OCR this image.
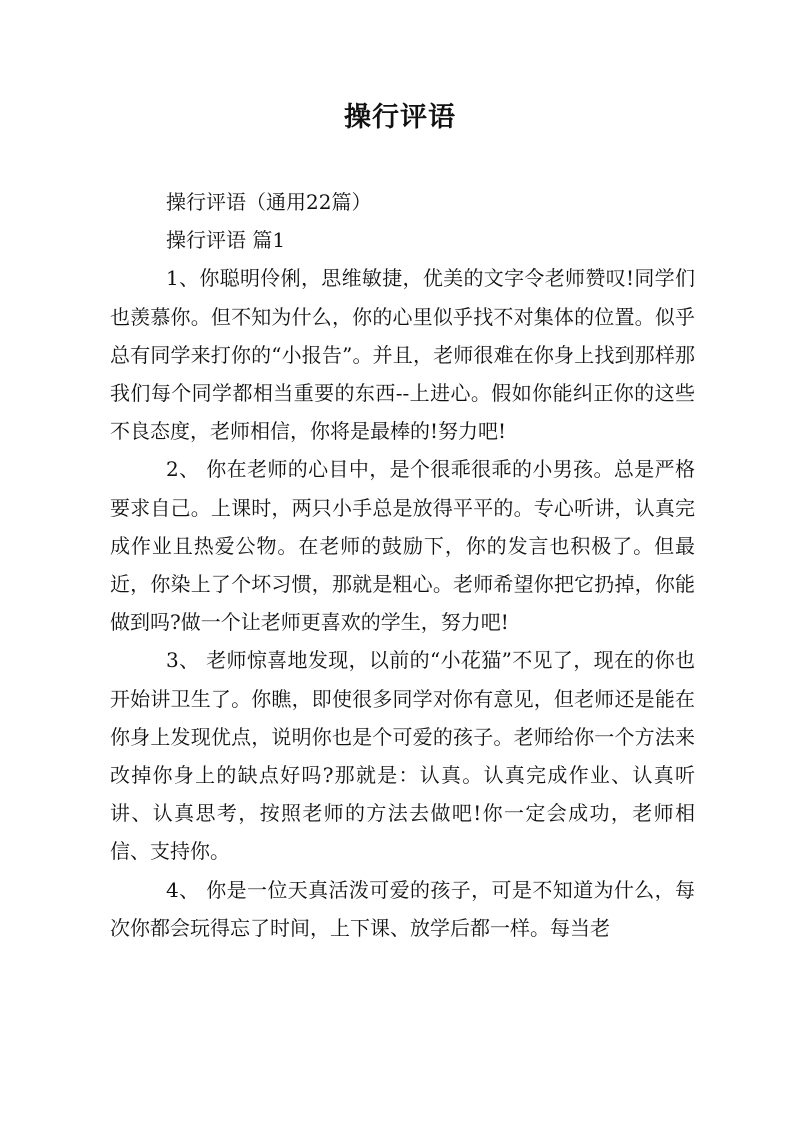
操行评语

操行评语（通用22篇）

操行评语 篇1

1、你聪明伶俐，思维敏捷，优美的文字令老师赞叹!同学们也羡慕你。但不知为什么，你的心里似乎找不对集体的位置。似乎总有同学来打你的“小报告”。并且，老师很难在你身上找到那样那我们每个同学都相当重要的东西--上进心。假如你能纠正你的这些不良态度，老师相信，你将是最棒的!努力吧!

2、 你在老师的心目中，是个很乖很乖的小男孩。总是严格要求自己。上课时，两只小手总是放得平平的。专心听讲，认真完成作业且热爱公物。在老师的鼓励下，你的发言也积极了。但最近，你染上了个坏习惯，那就是粗心。老师希望你把它扔掉，你能做到吗?做一个让老师更喜欢的学生，努力吧!

3、 老师惊喜地发现，以前的“小花猫”不见了，现在的你也开始讲卫生了。你瞧，即使很多同学对你有意见，但老师还是能在你身上发现优点，说明你也是个可爱的孩子。老师给你一个方法来改掉你身上的缺点好吗?那就是：认真。认真完成作业、认真听讲、认真思考，按照老师的方法去做吧!你一定会成功，老师相信、支持你。

4、 你是一位天真活泼可爱的孩子，可是不知道为什么，每次你都会玩得忘了时间，上下课、放学后都一样。每当老
